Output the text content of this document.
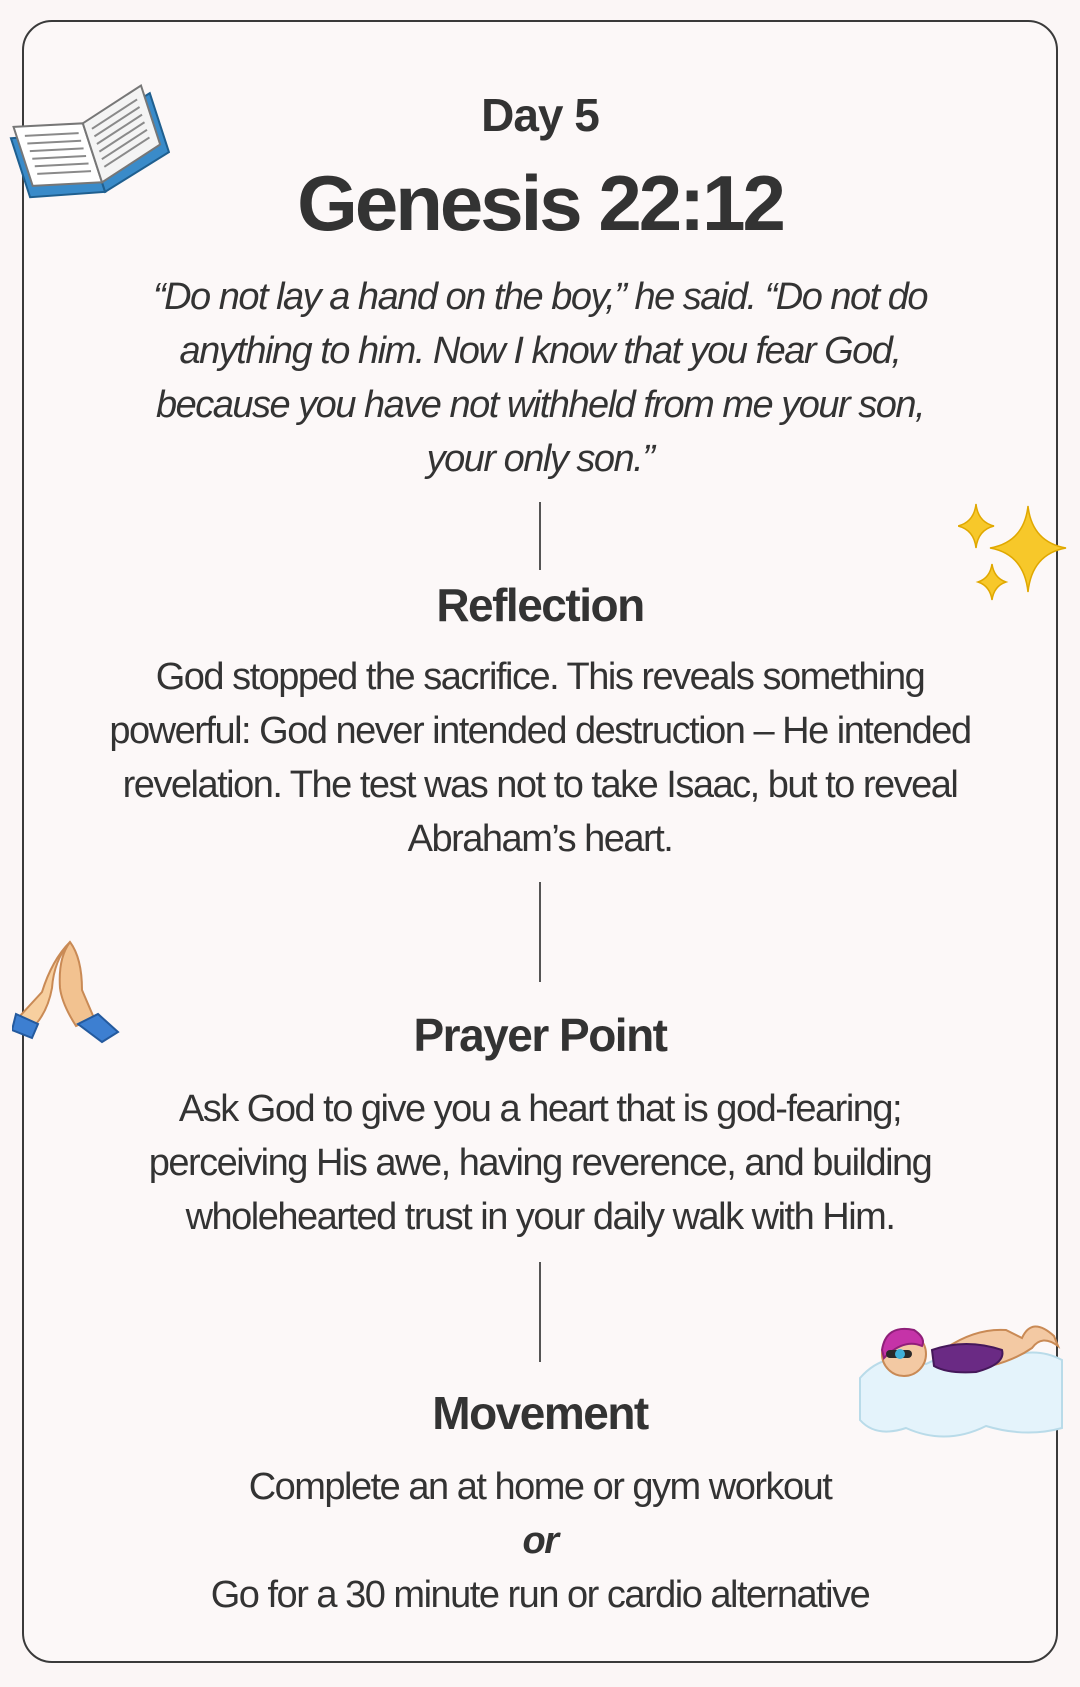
Day 5
Genesis 22:12
“Do not lay a hand on the boy,” he said. “Do not do anything to him. Now I know that you fear God, because you have not withheld from me your son, your only son.”
Reflection
God stopped the sacrifice. This reveals something powerful: God never intended destruction – He intended revelation. The test was not to take Isaac, but to reveal Abraham’s heart.
Prayer Point
Ask God to give you a heart that is god-fearing; perceiving His awe, having reverence, and building wholehearted trust in your daily walk with Him.
Movement
Complete an at home or gym workout
or
Go for a 30 minute run or cardio alternative
